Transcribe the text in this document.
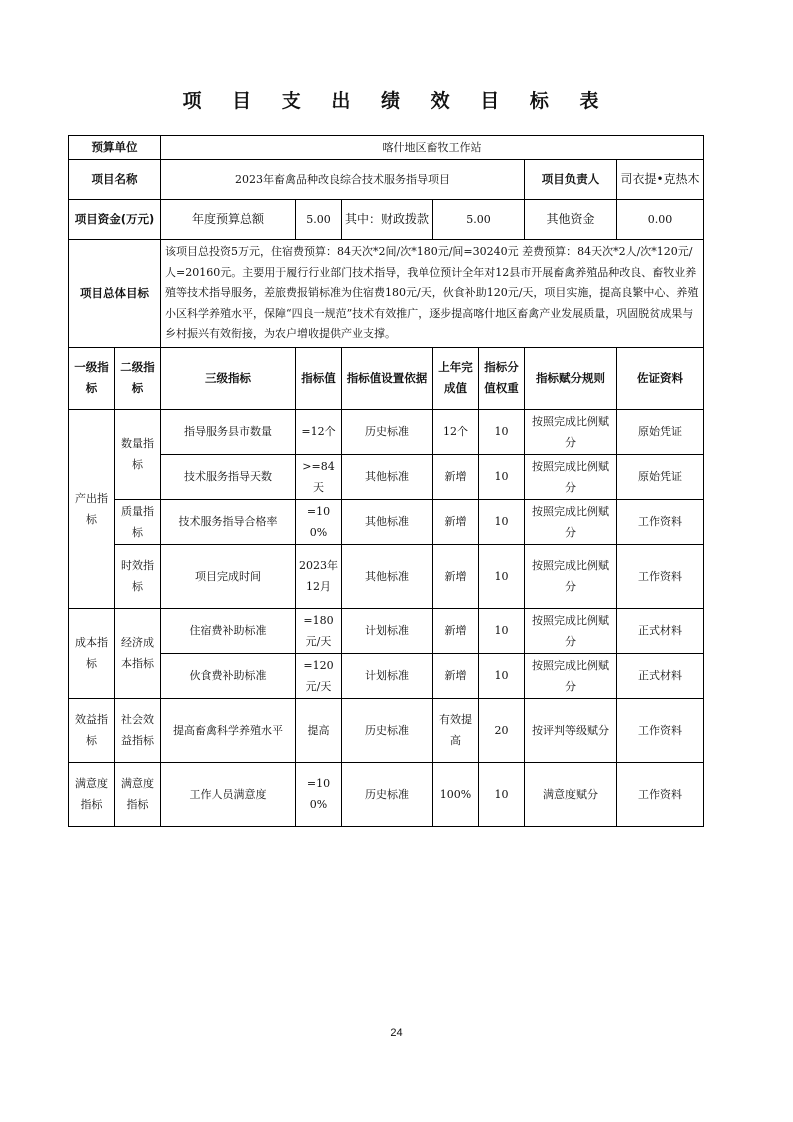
项 目 支 出 绩 效 目 标 表
预算单位		喀什地区畜牧工作站						
项目名称		2023年畜禽品种改良综合技术服务指导项目					项目负责人	司衣提•克热木
项目资金(万元)		年度预算总额	5.00	其中：财政拨款	5.00		其他资金	0.00
项目总体目标		该项目总投资5万元，住宿费预算：84天次*2间/次*180元/间=30240元 差费预算：84天次*2人/次*120元/人=20160元。主要用于履行行业部门技术指导，我单位预计全年对12县市开展畜禽养殖品种改良、畜牧业养殖等技术指导服务，差旅费报销标准为住宿费180元/天，伙食补助120元/天，项目实施，提高良繁中心、养殖小区科学养殖水平，保障“四良一规范”技术有效推广，逐步提高喀什地区畜禽产业发展质量，巩固脱贫成果与乡村振兴有效衔接，为农户增收提供产业支撑。						
一级指标	二级指标	三级指标	指标值	指标值设置依据	上年完成值	指标分值权重	指标赋分规则	佐证资料
产出指标	数量指标	指导服务县市数量	=12个	历史标准	12个	10	按照完成比例赋分	原始凭证
		技术服务指导天数	>=84天	其他标准	新增	10	按照完成比例赋分	原始凭证
	质量指标	技术服务指导合格率	=100%	其他标准	新增	10	按照完成比例赋分	工作资料
	时效指标	项目完成时间	2023年12月	其他标准	新增	10	按照完成比例赋分	工作资料
成本指标	经济成本指标	住宿费补助标准	=180元/天	计划标准	新增	10	按照完成比例赋分	正式材料
		伙食费补助标准	=120元/天	计划标准	新增	10	按照完成比例赋分	正式材料
效益指标	社会效益指标	提高畜禽科学养殖水平	提高	历史标准	有效提高	20	按评判等级赋分	工作资料
满意度指标	满意度指标	工作人员满意度	=100%	历史标准	100%	10	满意度赋分	工作资料
24
